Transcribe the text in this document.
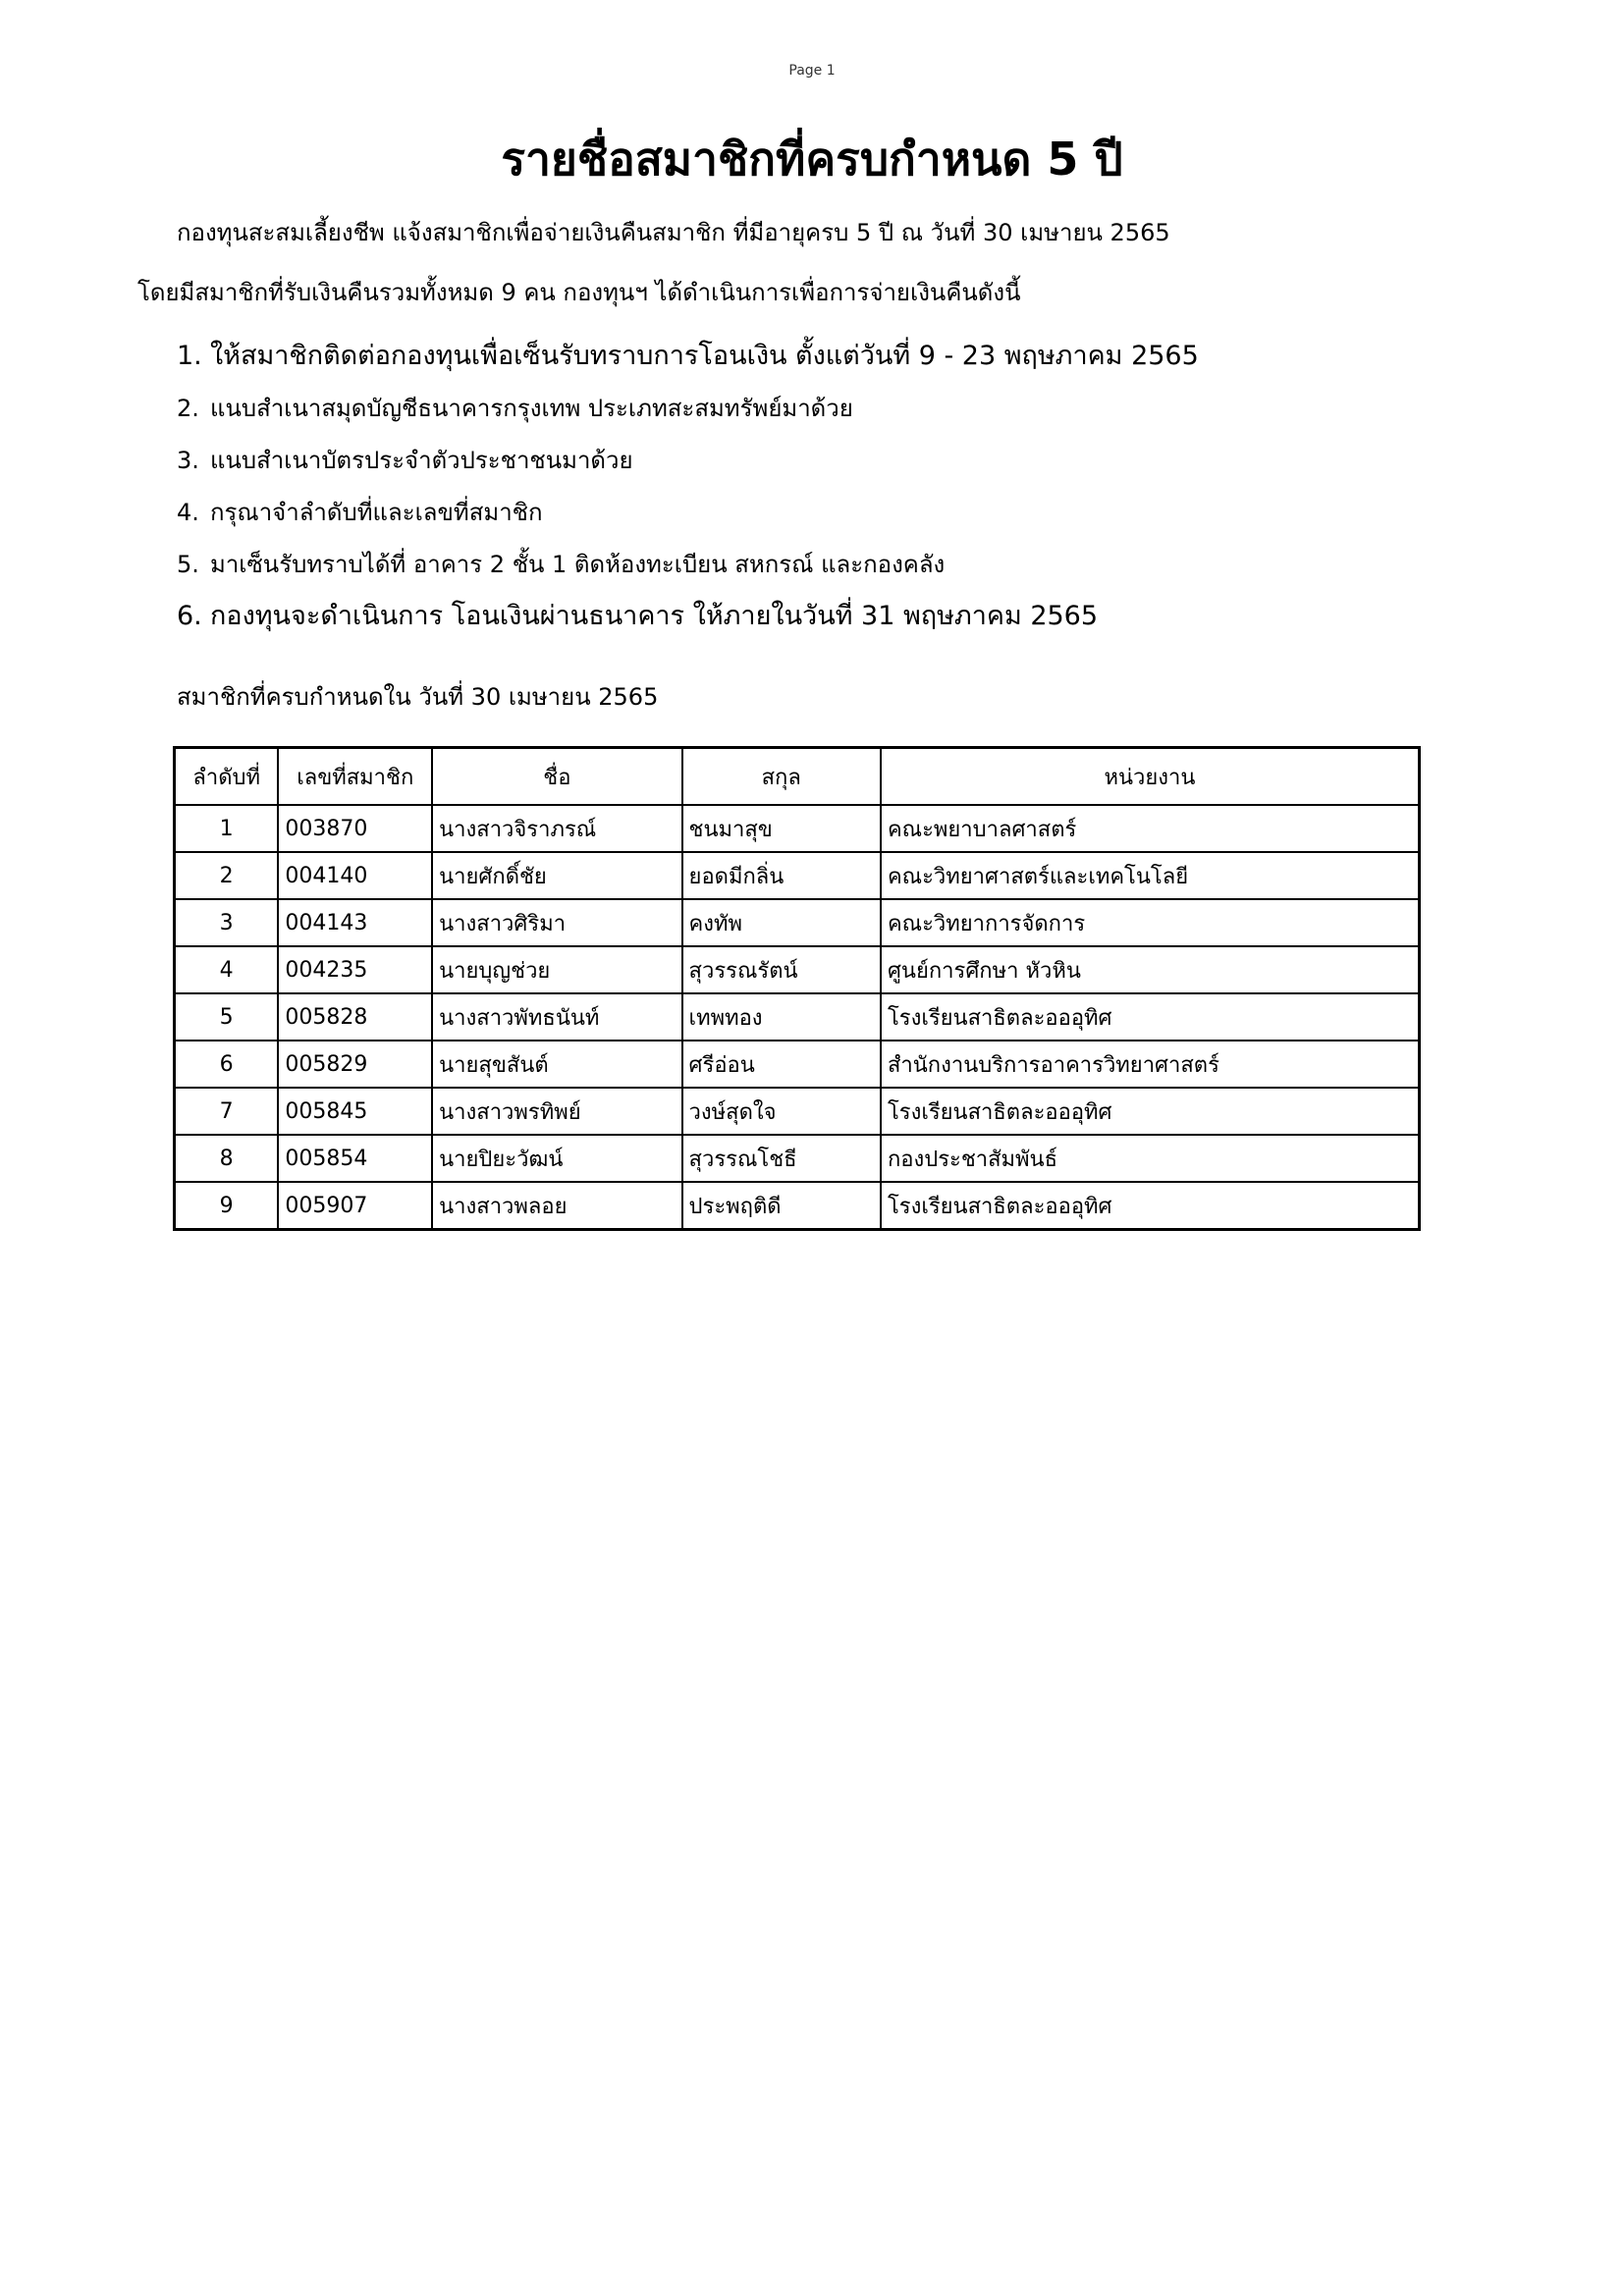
Page 1
รายชื่อสมาชิกที่ครบกำหนด 5 ปี
กองทุนสะสมเลี้ยงชีพ แจ้งสมาชิกเพื่อจ่ายเงินคืนสมาชิก ที่มีอายุครบ 5 ปี ณ วันที่ 30 เมษายน 2565
โดยมีสมาชิกที่รับเงินคืนรวมทั้งหมด 9 คน กองทุนฯ ได้ดำเนินการเพื่อการจ่ายเงินคืนดังนี้
1. ให้สมาชิกติดต่อกองทุนเพื่อเซ็นรับทราบการโอนเงิน ตั้งแต่วันที่ 9 - 23 พฤษภาคม 2565
2. แนบสำเนาสมุดบัญชีธนาคารกรุงเทพ ประเภทสะสมทรัพย์มาด้วย
3. แนบสำเนาบัตรประจำตัวประชาชนมาด้วย
4. กรุณาจำลำดับที่และเลขที่สมาชิก
5. มาเซ็นรับทราบได้ที่ อาคาร 2 ชั้น 1 ติดห้องทะเบียน สหกรณ์ และกองคลัง
6. กองทุนจะดำเนินการ โอนเงินผ่านธนาคาร ให้ภายในวันที่ 31 พฤษภาคม 2565
สมาชิกที่ครบกำหนดใน วันที่ 30 เมษายน 2565
ลำดับที่	เลขที่สมาชิก	ชื่อ	สกุล	หน่วยงาน
1	003870	นางสาวจิราภรณ์	ชนมาสุข	คณะพยาบาลศาสตร์
2	004140	นายศักดิ์ชัย	ยอดมีกลิ่น	คณะวิทยาศาสตร์และเทคโนโลยี
3	004143	นางสาวศิริมา	คงทัพ	คณะวิทยาการจัดการ
4	004235	นายบุญช่วย	สุวรรณรัตน์	ศูนย์การศึกษา หัวหิน
5	005828	นางสาวพัทธนันท์	เทพทอง	โรงเรียนสาธิตละอออุทิศ
6	005829	นายสุขสันต์	ศรีอ่อน	สำนักงานบริการอาคารวิทยาศาสตร์
7	005845	นางสาวพรทิพย์	วงษ์สุดใจ	โรงเรียนสาธิตละอออุทิศ
8	005854	นายปิยะวัฒน์	สุวรรณโชธี	กองประชาสัมพันธ์
9	005907	นางสาวพลอย	ประพฤติดี	โรงเรียนสาธิตละอออุทิศ
